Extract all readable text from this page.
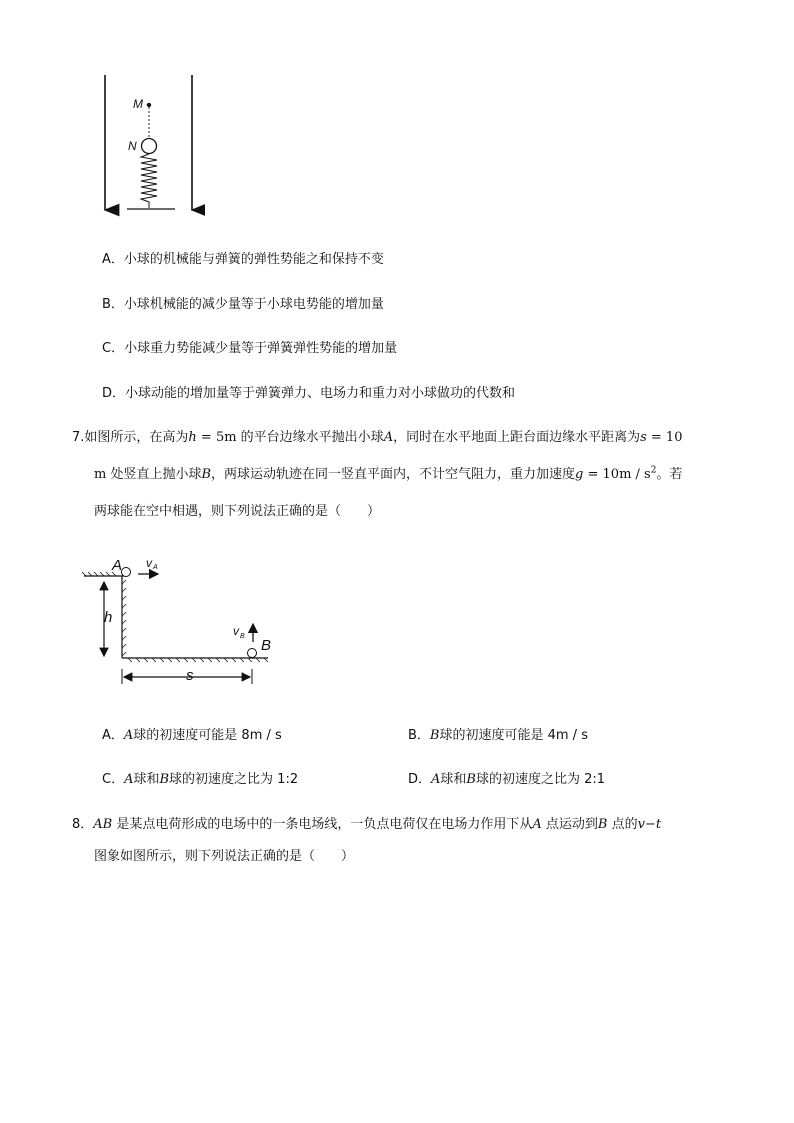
M
N
A．小球的机械能与弹簧的弹性势能之和保持不变
B．小球机械能的减少量等于小球电势能的增加量
C．小球重力势能减少量等于弹簧弹性势能的增加量
D．小球动能的增加量等于弹簧弹力、电场力和重力对小球做功的代数和
7.如图所示，在高为h = 5m 的平台边缘水平抛出小球A，同时在水平地面上距台面边缘水平距离为s = 10
m 处竖直上抛小球B，两球运动轨迹在同一竖直平面内，不计空气阻力，重力加速度$g = 10m / s^2$。若
两球能在空中相遇，则下列说法正确的是（　　）
A v A
h
v B
B
s
A．A球的初速度可能是 8m / s	B．B球的初速度可能是 4m / s
C．A球和B球的初速度之比为 1:2	D．A球和B球的初速度之比为 2:1
8．AB 是某点电荷形成的电场中的一条电场线，一负点电荷仅在电场力作用下从A 点运动到B 点的v−t
图象如图所示，则下列说法正确的是（　　）
